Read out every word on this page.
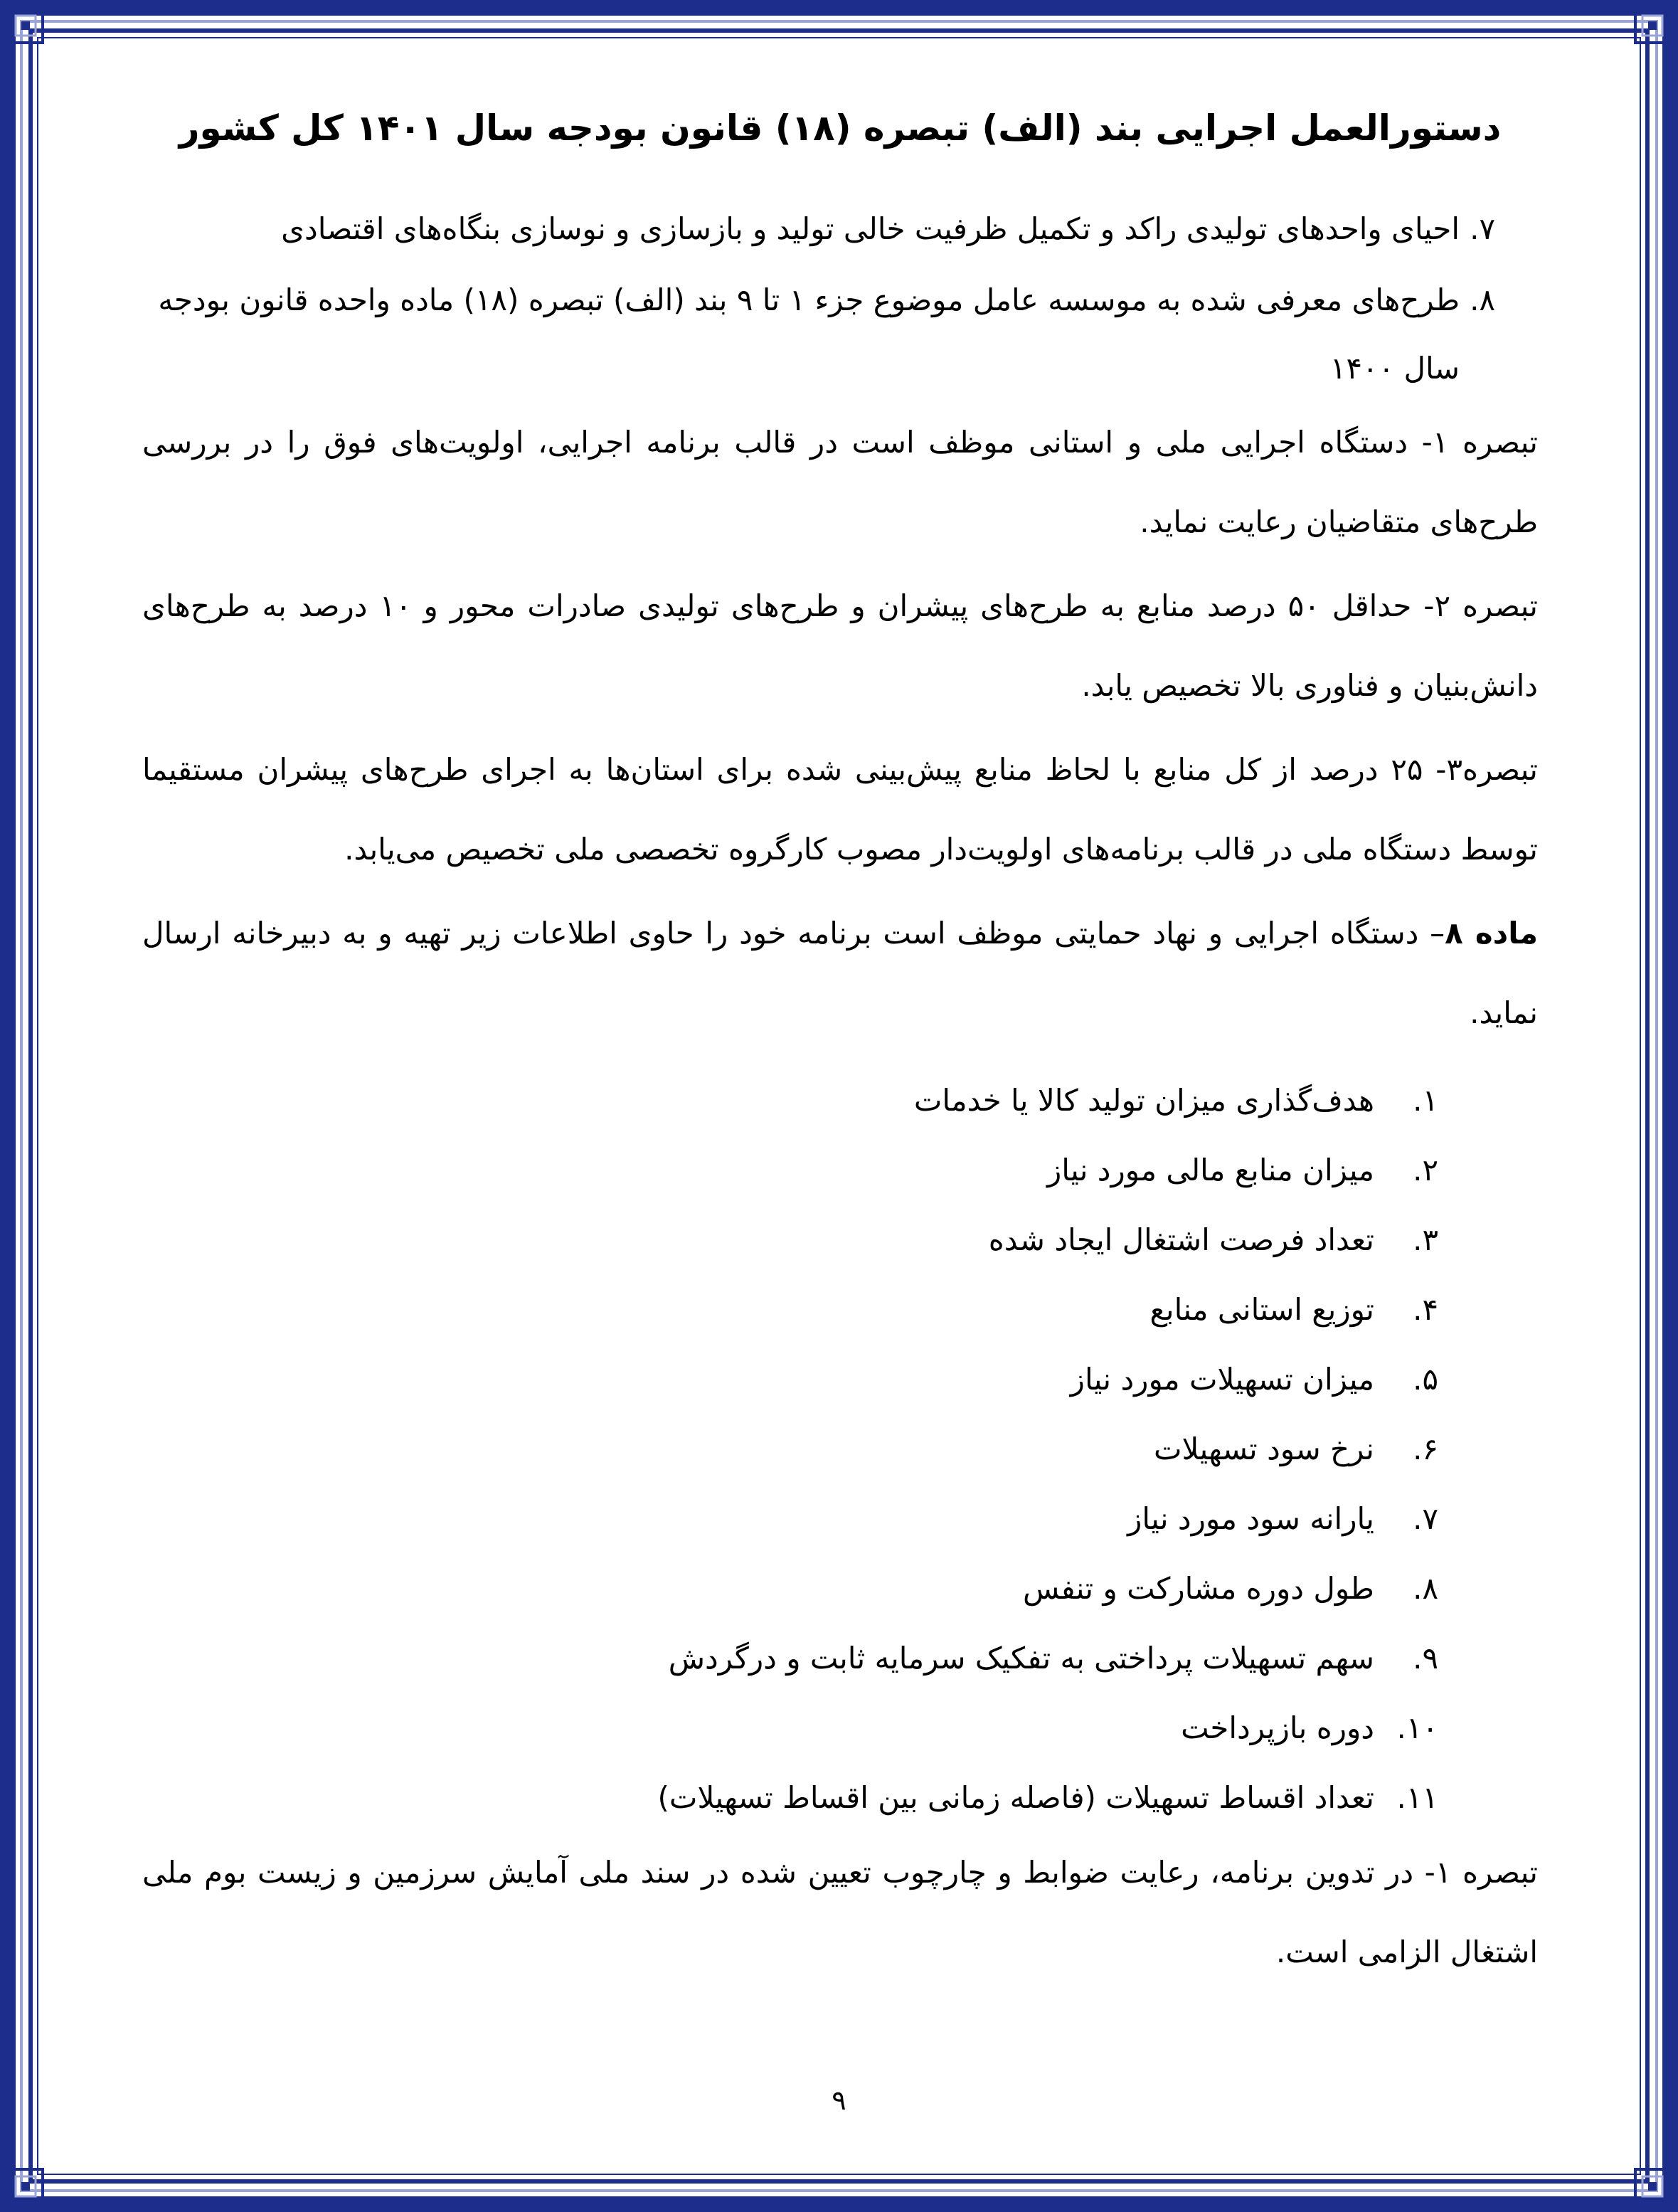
دستورالعمل اجرایی بند (الف) تبصره (۱۸) قانون بودجه سال ۱۴۰۱ کل کشور
۷.
احیای واحدهای تولیدی راکد و تکمیل ظرفیت خالی تولید و بازسازی و نوسازی بنگاه‌های اقتصادی
۸.
طرح‌های معرفی شده به موسسه عامل موضوع جزء ۱ تا ۹ بند (الف) تبصره (۱۸) ماده واحده قانون بودجه سال ۱۴۰۰

تبصره ۱- دستگاه اجرایی ملی و استانی موظف است در قالب برنامه اجرایی، اولویت‌های فوق را در بررسی طرح‌های متقاضیان رعایت نماید.

تبصره ۲- حداقل ۵۰ درصد منابع به طرح‌های پیشران و طرح‌های تولیدی صادرات محور و ۱۰ درصد به طرح‌های دانش‌بنیان و فناوری بالا تخصیص یابد.

تبصره۳- ۲۵ درصد از کل منابع با لحاظ منابع پیش‌بینی شده برای استان‌ها به اجرای طرح‌های پیشران مستقیما توسط دستگاه ملی در قالب برنامه‌های اولویت‌دار مصوب کارگروه تخصصی ملی تخصیص می‌یابد.

ماده ۸– دستگاه اجرایی و نهاد حمایتی موظف است برنامه خود را حاوی اطلاعات زیر تهیه و به دبیرخانه ارسال نماید.

۱.
هدف‌گذاری میزان تولید کالا یا خدمات
۲.
میزان منابع مالی مورد نیاز
۳.
تعداد فرصت اشتغال ایجاد شده
۴.
توزیع استانی منابع
۵.
میزان تسهیلات مورد نیاز
۶.
نرخ سود تسهیلات
۷.
یارانه سود مورد نیاز
۸.
طول دوره مشارکت و تنفس
۹.
سهم تسهیلات پرداختی به تفکیک سرمایه ثابت و درگردش
۱۰.
دوره بازپرداخت
۱۱.
تعداد اقساط تسهیلات (فاصله زمانی بین اقساط تسهیلات)

تبصره ۱- در تدوین برنامه، رعایت ضوابط و چارچوب تعیین شده در سند ملی آمایش سرزمین و زیست بوم ملی اشتغال الزامی است.

۹
